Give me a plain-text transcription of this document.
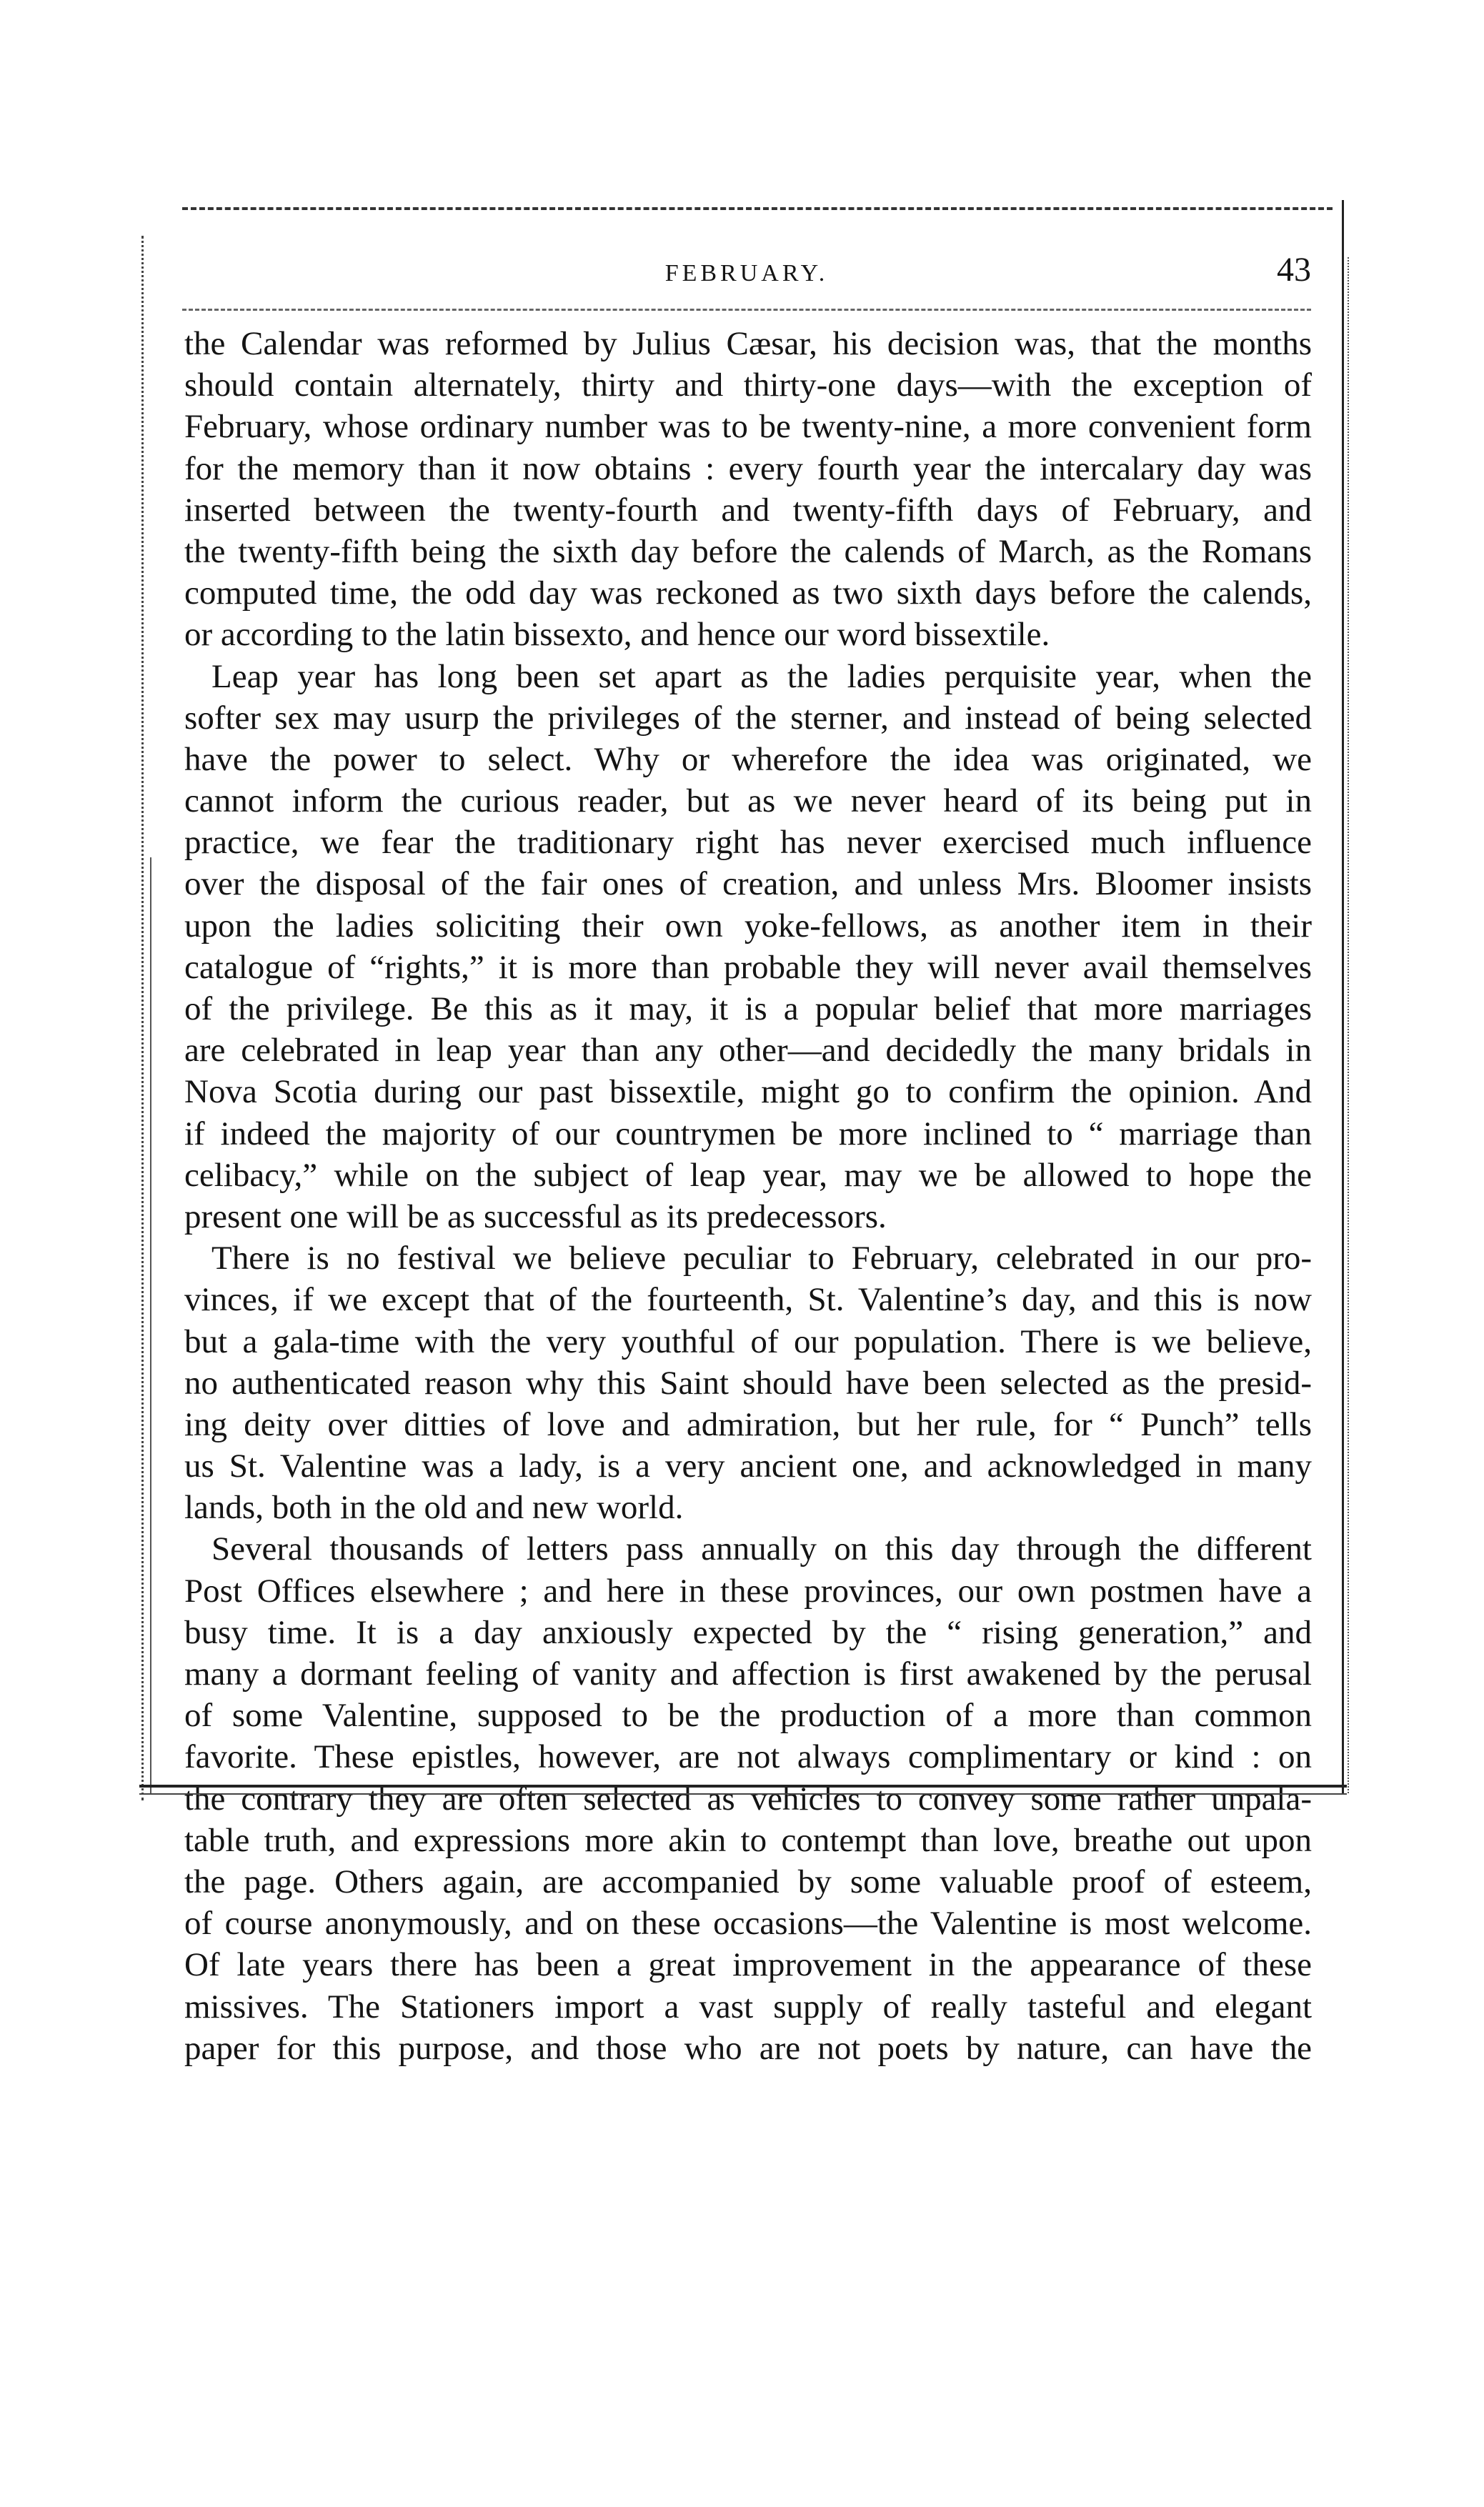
FEBRUARY.	43
the Calendar was reformed by Julius Cæsar, his decision was, that the months
should contain alternately, thirty and thirty-one days—with the exception of
February, whose ordinary number was to be twenty-nine, a more convenient form
for the memory than it now obtains : every fourth year the intercalary day was
inserted between the twenty-fourth and twenty-fifth days of February, and
the twenty-fifth being the sixth day before the calends of March, as the Romans
computed time, the odd day was reckoned as two sixth days before the calends,
or according to the latin bissexto, and hence our word bissextile.
Leap year has long been set apart as the ladies perquisite year, when the
softer sex may usurp the privileges of the sterner, and instead of being selected
have the power to select. Why or wherefore the idea was originated, we
cannot inform the curious reader, but as we never heard of its being put in
practice, we fear the traditionary right has never exercised much influence
over the disposal of the fair ones of creation, and unless Mrs. Bloomer insists
upon the ladies soliciting their own yoke-fellows, as another item in their
catalogue of “rights,” it is more than probable they will never avail themselves
of the privilege. Be this as it may, it is a popular belief that more marriages
are celebrated in leap year than any other—and decidedly the many bridals in
Nova Scotia during our past bissextile, might go to confirm the opinion. And
if indeed the majority of our countrymen be more inclined to “ marriage than
celibacy,” while on the subject of leap year, may we be allowed to hope the
present one will be as successful as its predecessors.
There is no festival we believe peculiar to February, celebrated in our pro-
vinces, if we except that of the fourteenth, St. Valentine’s day, and this is now
but a gala-time with the very youthful of our population. There is we believe,
no authenticated reason why this Saint should have been selected as the presid-
ing deity over ditties of love and admiration, but her rule, for “ Punch” tells
us St. Valentine was a lady, is a very ancient one, and acknowledged in many
lands, both in the old and new world.
Several thousands of letters pass annually on this day through the different
Post Offices elsewhere ; and here in these provinces, our own postmen have a
busy time. It is a day anxiously expected by the “ rising generation,” and
many a dormant feeling of vanity and affection is first awakened by the perusal
of some Valentine, supposed to be the production of a more than common
favorite. These epistles, however, are not always complimentary or kind : on
the contrary they are often selected as vehicles to convey some rather unpala-
table truth, and expressions more akin to contempt than love, breathe out upon
the page. Others again, are accompanied by some valuable proof of esteem,
of course anonymously, and on these occasions—the Valentine is most welcome.
Of late years there has been a great improvement in the appearance of these
missives. The Stationers import a vast supply of really tasteful and elegant
paper for this purpose, and those who are not poets by nature, can have the
